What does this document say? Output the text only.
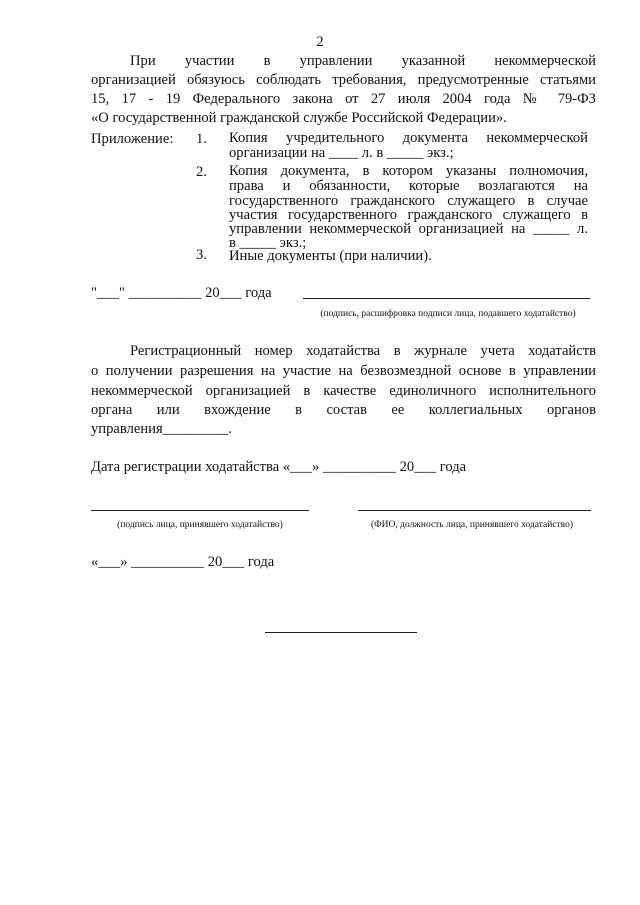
2
При участии в управлении указанной некоммерческой
организацией обязуюсь соблюдать требования, предусмотренные статьями
15, 17 - 19 Федерального закона от 27 июля 2004 года № 79-ФЗ
«О государственной гражданской службе Российской Федерации».
Приложение: 1. Копия учредительного документа некоммерческой
организации на ____ л. в _____ экз.;
2. Копия документа, в котором указаны полномочия,
права и обязанности, которые возлагаются на
государственного гражданского служащего в случае
участия государственного гражданского служащего в
управлении некоммерческой организацией на _____ л.
в _____ экз.;
3. Иные документы (при наличии).
"___" __________ 20___ года
(подпись, расшифровка подписи лица, подавшего ходатайство)
Регистрационный номер ходатайства в журнале учета ходатайств
о получении разрешения на участие на безвозмездной основе в управлении
некоммерческой организацией в качестве единоличного исполнительного
органа или вхождение в состав ее коллегиальных органов
управления_________.
Дата регистрации ходатайства «___» __________ 20___ года
(подпись лица, принявшего ходатайство)	(ФИО, должность лица, принявшего ходатайство)
«___» __________ 20___ года
